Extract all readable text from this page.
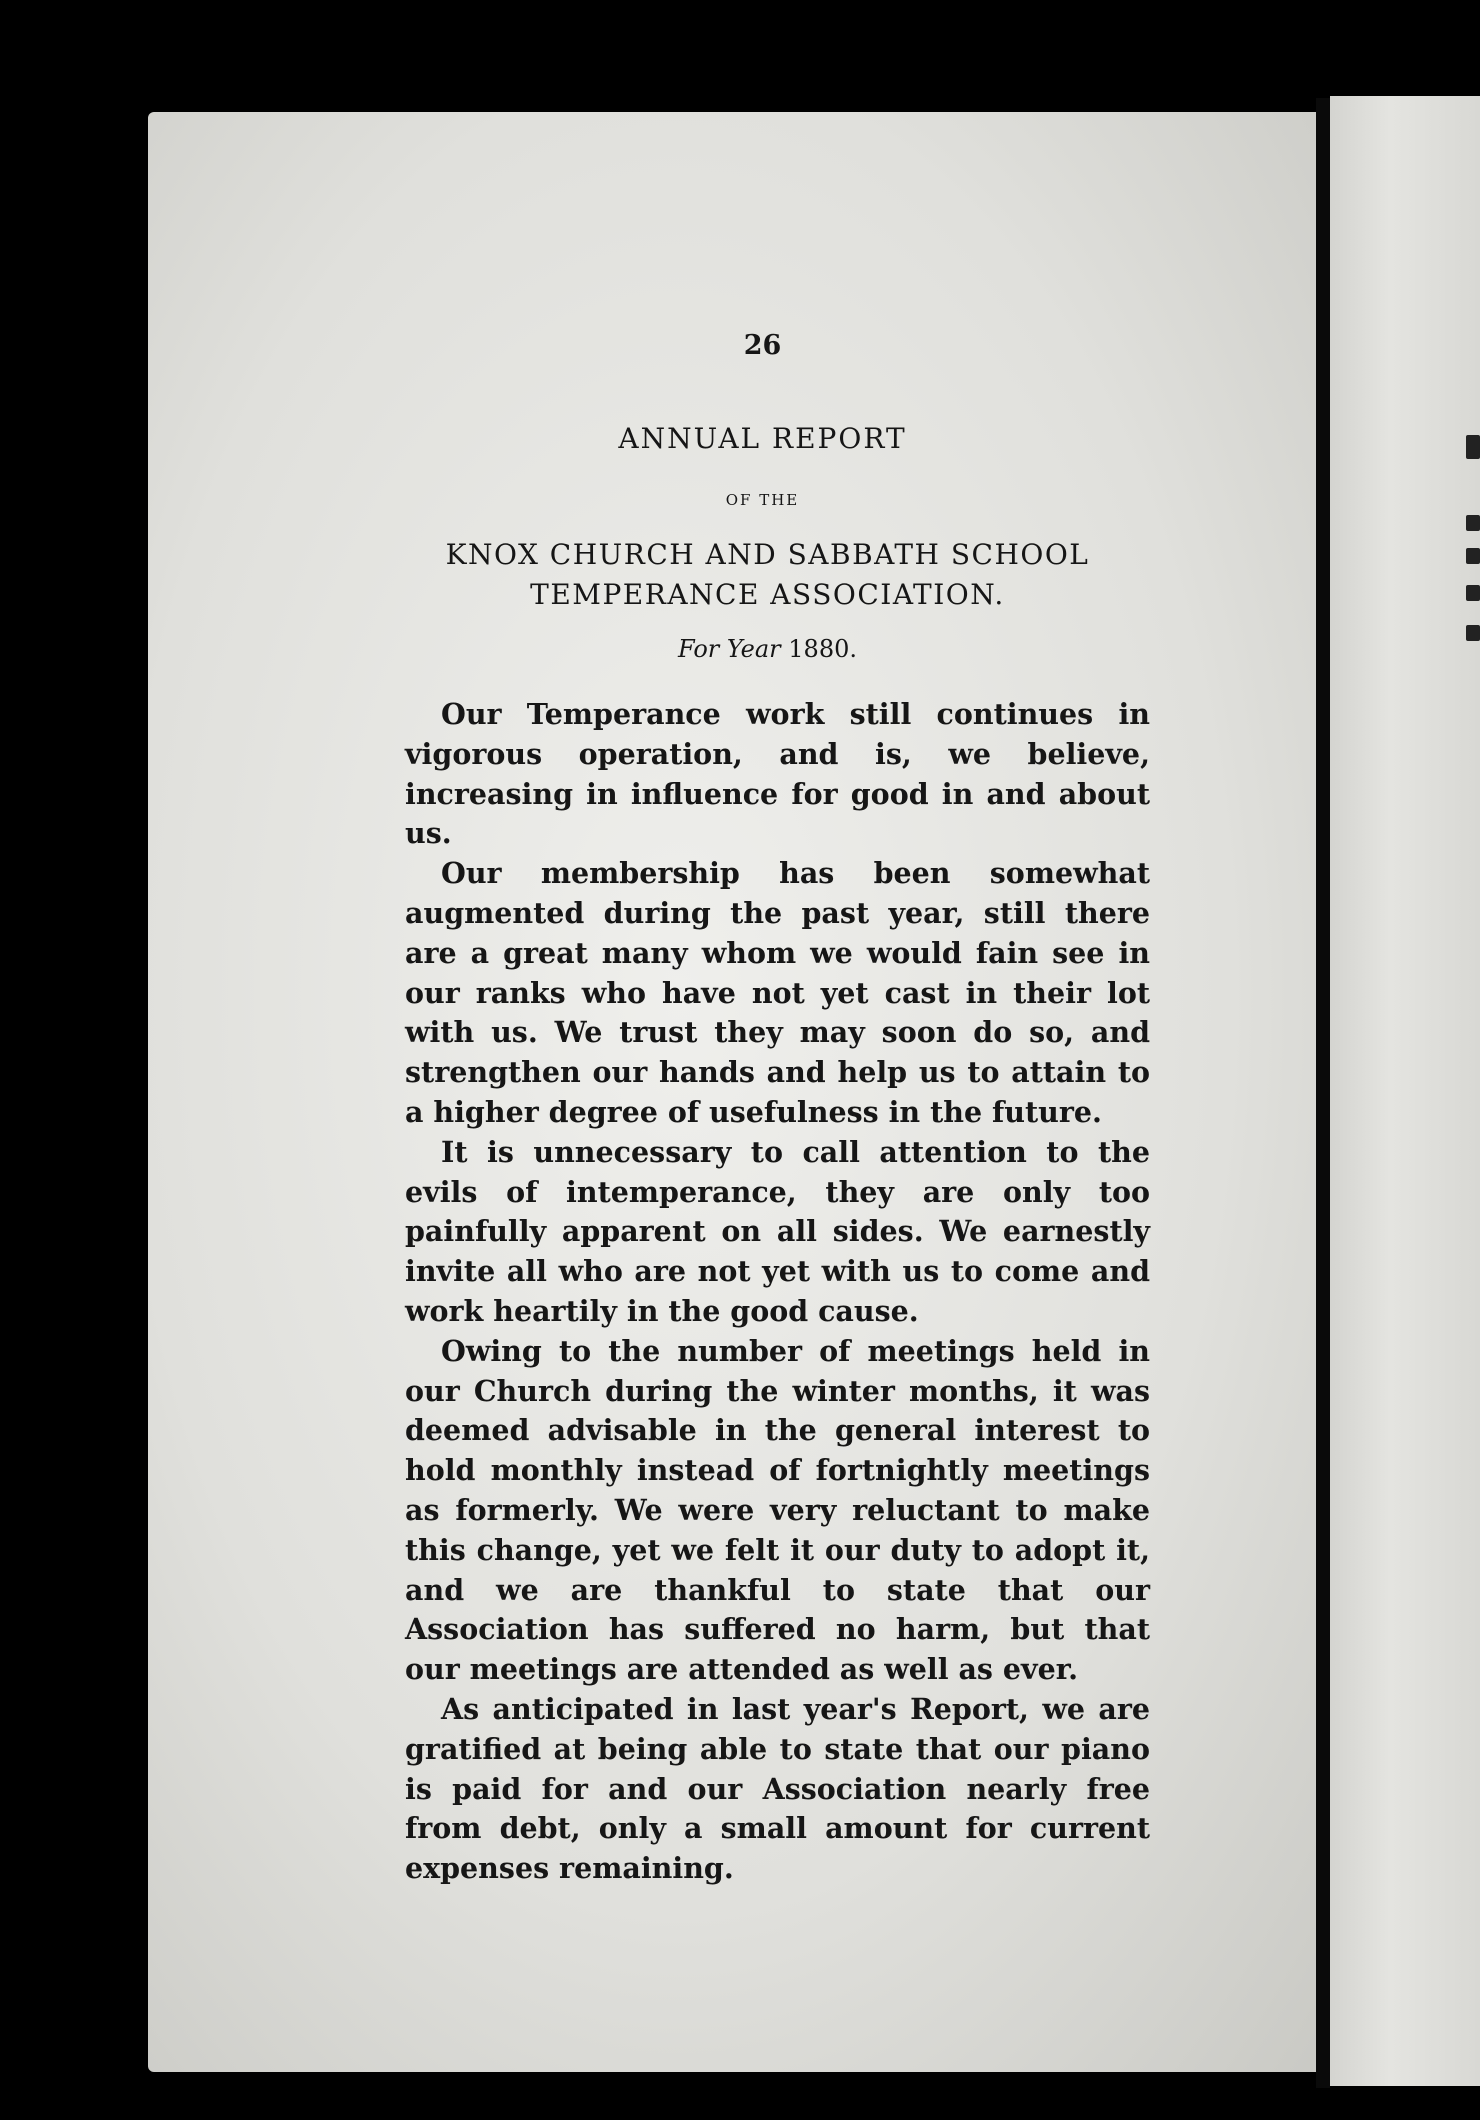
26
ANNUAL REPORT
OF THE
KNOX CHURCH AND SABBATH SCHOOL
TEMPERANCE ASSOCIATION.
For Year 1880.

Our Temperance work still continues in vigorous operation, and is, we believe, increasing in influence for good in and about us.

Our membership has been somewhat augmented during the past year, still there are a great many whom we would fain see in our ranks who have not yet cast in their lot with us. We trust they may soon do so, and strengthen our hands and help us to attain to a higher degree of usefulness in the future.

It is unnecessary to call attention to the evils of intemperance, they are only too painfully apparent on all sides. We earnestly invite all who are not yet with us to come and work heartily in the good cause.

Owing to the number of meetings held in our Church during the winter months, it was deemed advisable in the general interest to hold monthly instead of fortnightly meetings as formerly. We were very reluctant to make this change, yet we felt it our duty to adopt it, and we are thankful to state that our Association has suffered no harm, but that our meetings are attended as well as ever.

As anticipated in last year's Report, we are gratified at being able to state that our piano is paid for and our Association nearly free from debt, only a small amount for current expenses remaining.
